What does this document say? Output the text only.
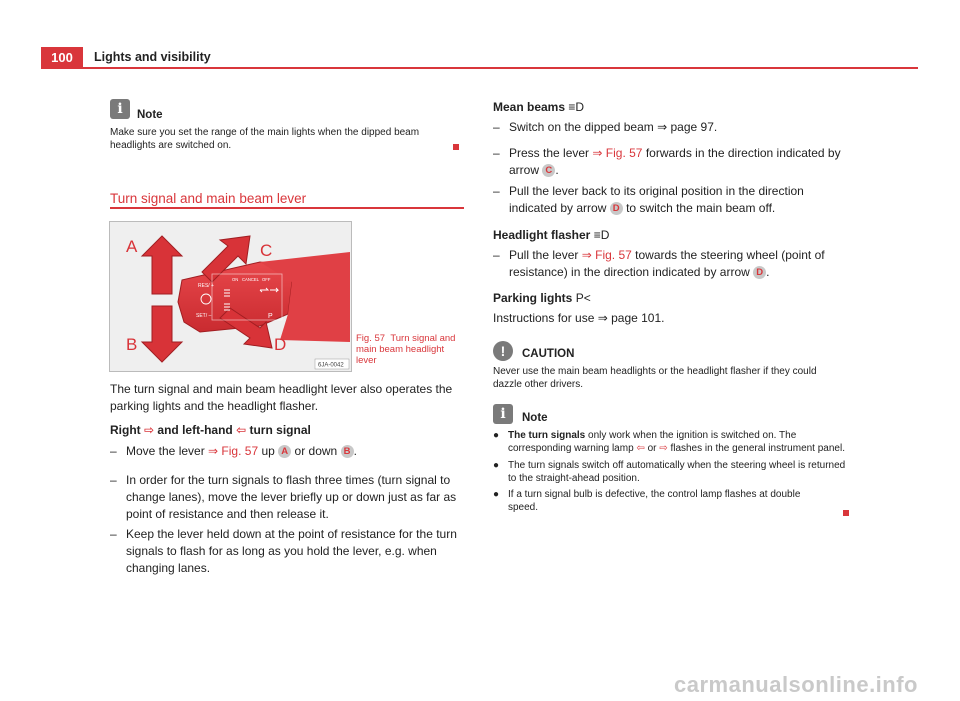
100	Lights and visibility
i	Note
Make sure you set the range of the main lights when the dipped beam headlights are switched on.
Turn signal and main beam lever
RES/ +
SET/ –
ON CANCEL OFF
P
A
B
C
D
6JA-0042
Fig. 57 Turn signal and main beam headlight lever
The turn signal and main beam headlight lever also operates the parking lights and the headlight flasher.
Right ⇨ and left-hand ⇦ turn signal
– Move the lever ⇒ Fig. 57 up A or down B .
– In order for the turn signals to flash three times (turn signal to change lanes), move the lever briefly up or down just as far as point of resistance and then release it.
– Keep the lever held down at the point of resistance for the turn signals to flash for as long as you hold the lever, e.g. when changing lanes.
Mean beams ≡D
– Switch on the dipped beam ⇒ page 97.
– Press the lever ⇒ Fig. 57 forwards in the direction indicated by arrow C .
– Pull the lever back to its original position in the direction indicated by arrow D to switch the main beam off.
Headlight flasher ≡D
– Pull the lever ⇒ Fig. 57 towards the steering wheel (point of resistance) in the direction indicated by arrow D .
Parking lights P<
Instructions for use ⇒ page 101.
!	CAUTION
Never use the main beam headlights or the headlight flasher if they could dazzle other drivers.
i	Note
● The turn signals only work when the ignition is switched on. The corresponding warning lamp ⇦ or ⇨ flashes in the general instrument panel.
● The turn signals switch off automatically when the steering wheel is returned to the straight-ahead position.
● If a turn signal bulb is defective, the control lamp flashes at double speed.
carmanualsonline.info
